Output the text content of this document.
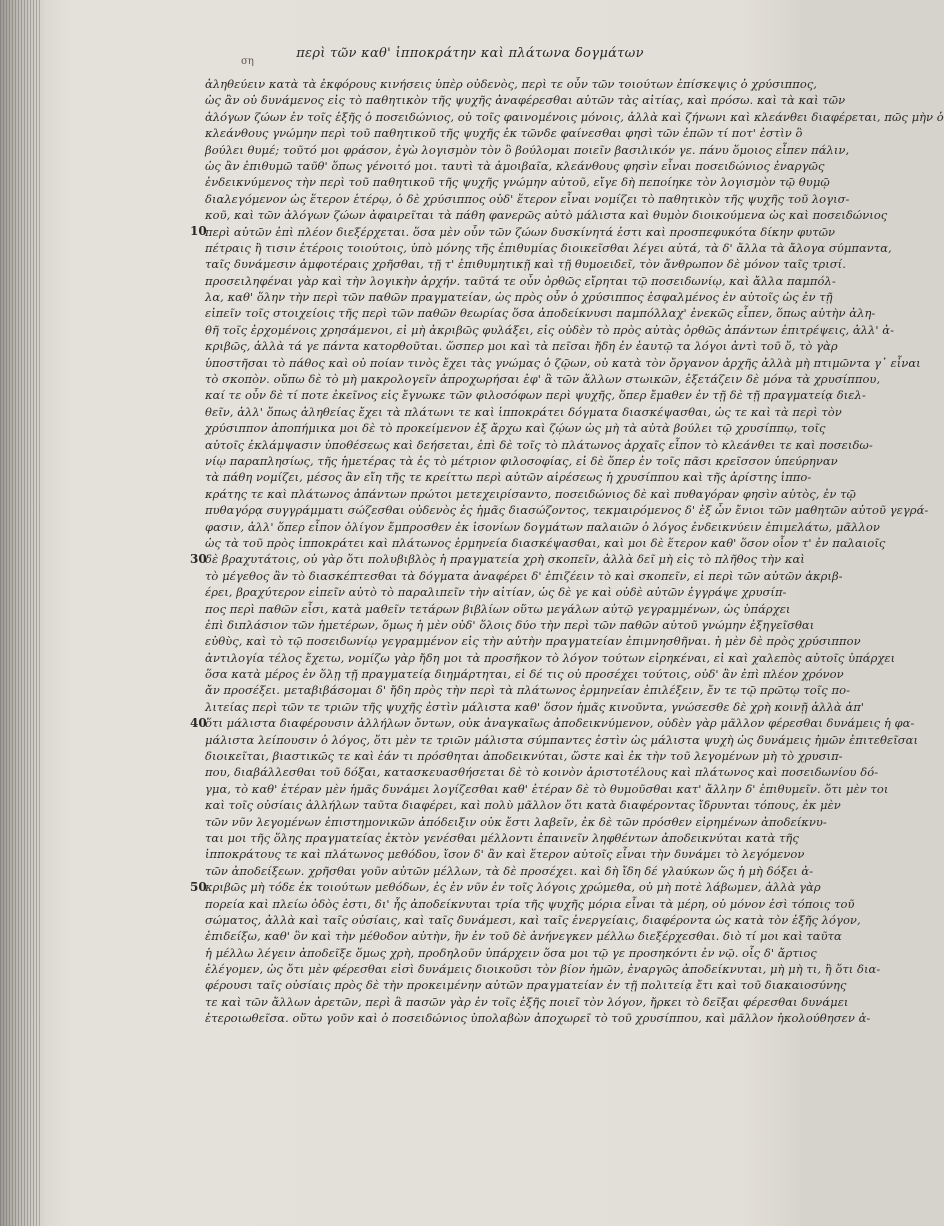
περὶ τῶν καθ' ἱπποκράτην καὶ πλάτωνα δογμάτων
ση
10
30
40
50
ἀληθεύειν κατὰ τὰ ἐκφόρους κινήσεις ὑπὲρ οὐδενὸς, περὶ τε οὖν τῶν τοιούτων ἐπίσκεψις ὁ χρύσιππος,
ὡς ἂν οὐ δυνάμενος εἰς τὸ παθητικὸν τῆς ψυχῆς ἀναφέρεσθαι αὐτῶν τὰς αἰτίας, καὶ πρόσω. καὶ τὰ καὶ τῶν
ἀλόγων ζώων ἐν τοῖς ἑξῆς ὁ ποσειδώνιος, οὐ τοῖς φαινομένοις μόνοις, ἀλλὰ καὶ ζήνωνι καὶ κλεάνθει διαφέρεται, πῶς μὴν ὁ
κλεάνθους γνώμην περὶ τοῦ παθητικοῦ τῆς ψυχῆς ἐκ τῶνδε φαίνεσθαι φησὶ τῶν ἐπῶν τί ποτ' ἐστὶν ὃ
βούλει θυμέ; τοῦτό μοι φράσον, ἐγὼ λογισμὸν τὸν ὃ βούλομαι ποιεῖν βασιλικόν γε. πάνυ ὅμοιος εἶπεν πάλιν,
ὡς ἂν ἐπιθυμῶ ταῦθ' ὅπως γένοιτό μοι. ταυτὶ τὰ ἀμοιβαῖα, κλεάνθους φησὶν εἶναι ποσειδώνιος ἐναργῶς
ἐνδεικνύμενος τὴν περὶ τοῦ παθητικοῦ τῆς ψυχῆς γνώμην αὐτοῦ, εἴγε δὴ πεποίηκε τὸν λογισμὸν τῷ θυμῷ
διαλεγόμενον ὡς ἕτερον ἑτέρῳ, ὁ δὲ χρύσιππος οὐδ' ἕτερον εἶναι νομίζει τὸ παθητικὸν τῆς ψυχῆς τοῦ λογισ-
κοῦ, καὶ τῶν ἀλόγων ζώων ἀφαιρεῖται τὰ πάθη φανερῶς αὐτὸ μάλιστα καὶ θυμὸν διοικούμενα ὡς καὶ ποσειδώνιος
περὶ αὐτῶν ἐπὶ πλέον διεξέρχεται. ὅσα μὲν οὖν τῶν ζώων δυσκίνητά ἐστι καὶ προσπεφυκότα δίκην φυτῶν
πέτραις ἢ τισιν ἑτέροις τοιούτοις, ὑπὸ μόνης τῆς ἐπιθυμίας διοικεῖσθαι λέγει αὐτά, τὰ δ' ἄλλα τὰ ἄλογα σύμπαντα,
ταῖς δυνάμεσιν ἀμφοτέραις χρῆσθαι, τῇ τ' ἐπιθυμητικῇ καὶ τῇ θυμοειδεῖ, τὸν ἄνθρωπον δὲ μόνον ταῖς τρισί.
προσειληφέναι γὰρ καὶ τὴν λογικὴν ἀρχήν. ταῦτά τε οὖν ὀρθῶς εἴρηται τῷ ποσειδωνίῳ, καὶ ἄλλα παμπόλ-
λα, καθ' ὅλην τὴν περὶ τῶν παθῶν πραγματείαν, ὡς πρὸς οὖν ὁ χρύσιππος ἐσφαλμένος ἐν αὐτοῖς ὡς ἐν τῇ
εἰπεῖν τοῖς στοιχείοις τῆς περὶ τῶν παθῶν θεωρίας ὅσα ἀποδείκνυσι παμπόλλαχ' ἐνεκῶς εἶπεν, ὅπως αὐτὴν ἀλη-
θῆ τοῖς ἐρχομένοις χρησάμενοι, εἰ μὴ ἀκριβῶς φυλάξει, εἰς οὐδὲν τὸ πρὸς αὐτὰς ὀρθῶς ἀπάντων ἐπιτρέψεις, ἀλλ' ἀ-
κριβῶς, ἀλλὰ τά γε πάντα κατορθοῦται. ὥσπερ μοι καὶ τὰ πεῖσαι ἤδη ἐν ἑαυτῷ τα λόγοι ἀντὶ τοῦ ὅ, τὸ γὰρ
ὑποστῆσαι τὸ πάθος καὶ οὐ ποίαν τινὸς ἔχει τὰς γνώμας ὁ ζῷων, οὐ κατὰ τὸν ὄργανον ἀρχῆς ἀλλὰ μὴ πτιμῶντα γ᾽ εἶναι
τὸ σκοπὸν. οὔπω δὲ τὸ μὴ μακρολογεῖν ἀπροχωρήσαι ἐφ' ἃ τῶν ἄλλων στωικῶν, ἐξετάζειν δὲ μόνα τὰ χρυσίππου,
καί τε οὖν δὲ τί ποτε ἐκεῖνος εἰς ἔγνωκε τῶν φιλοσόφων περὶ ψυχῆς, ὅπερ ἔμαθεν ἐν τῇ δὲ τῇ πραγματείᾳ διελ-
θεῖν, ἀλλ' ὅπως ἀληθείας ἔχει τὰ πλάτωνι τε καὶ ἱπποκράτει δόγματα διασκέψασθαι, ὡς τε καὶ τὰ περὶ τὸν
χρύσιππον ἀποπήμικα μοι δὲ τὸ προκείμενον ἐξ ἄρχω καὶ ζῴων ὡς μὴ τὰ αὐτὰ βούλει τῷ χρυσίππῳ, τοῖς
αὐτοῖς ἐκλάμψασιν ὑποθέσεως καὶ δεήσεται, ἐπὶ δὲ τοῖς τὸ πλάτωνος ἀρχαῖς εἶπον τὸ κλεάνθει τε καὶ ποσειδω-
νίῳ παραπλησίως, τῆς ἡμετέρας τὰ ἐς τὸ μέτριον φιλοσοφίας, εἰ δὲ ὅπερ ἐν τοῖς πᾶσι κρεῖσσον ὑπεύρηναν
τὰ πάθη νομίζει, μέσος ἂν εἴη τῆς τε κρείττω περὶ αὐτῶν αἱρέσεως ἡ χρυσίππου καὶ τῆς ἀρίστης ἱππο-
κράτης τε καὶ πλάτωνος ἀπάντων πρώτοι μετεχειρίσαντο, ποσειδώνιος δὲ καὶ πυθαγόραν φησὶν αὐτὸς, ἐν τῷ
πυθαγόρᾳ συγγράμματι σώζεσθαι οὐδενὸς ἐς ἡμᾶς διασώζοντος, τεκμαιρόμενος δ' ἐξ ὧν ἔνιοι τῶν μαθητῶν αὐτοῦ γεγρά-
φασιν, ἀλλ' ὅπερ εἶπον ὀλίγον ἔμπροσθεν ἐκ ἰσονίων δογμάτων παλαιῶν ὁ λόγος ἐνδεικνύειν ἐπιμελάτω, μᾶλλον
ὡς τὰ τοῦ πρὸς ἱπποκράτει καὶ πλάτωνος ἑρμηνεία διασκέψασθαι, καὶ μοι δὲ ἕτερον καθ' ὅσον οἷον τ' ἐν παλαιοῖς
δὲ βραχυτάτοις, οὐ γὰρ ὅτι πολυβιβλὸς ἡ πραγματεία χρὴ σκοπεῖν, ἀλλὰ δεῖ μὴ εἰς τὸ πλῆθος τὴν καὶ
τὸ μέγεθος ἂν τὸ διασκέπτεσθαι τὰ δόγματα ἀναφέρει δ' ἐπιζέειν τὸ καὶ σκοπεῖν, εἰ περὶ τῶν αὐτῶν ἀκριβ-
έρει, βραχύτερον εἰπεῖν αὐτὸ τὸ παραλιπεῖν τὴν αἰτίαν, ὡς δὲ γε καὶ οὐδὲ αὐτῶν ἐγγράψε χρυσίπ-
πος περὶ παθῶν εἶσι, κατὰ μαθεῖν τετάρων βιβλίων οὕτω μεγάλων αὐτῷ γεγραμμένων, ὡς ὑπάρχει
ἐπὶ διπλάσιον τῶν ἡμετέρων, ὅμως ἡ μὲν οὐδ' ὅλοις δύο τὴν περὶ τῶν παθῶν αὐτοῦ γνώμην ἐξηγεῖσθαι
εὐθὺς, καὶ τὸ τῷ ποσειδωνίῳ γεγραμμένον εἰς τὴν αὐτὴν πραγματείαν ἐπιμνησθῆναι. ἡ μὲν δὲ πρὸς χρύσιππον
ἀντιλογία τέλος ἔχετω, νομίζω γὰρ ἤδη μοι τὰ προσῆκον τὸ λόγον τούτων εἰρηκέναι, εἰ καὶ χαλεπὸς αὐτοῖς ὑπάρχει
ὅσα κατὰ μέρος ἐν ὅλῃ τῇ πραγματείᾳ διημάρτηται, εἰ δέ τις οὐ προσέχει τούτοις, οὐδ' ἂν ἐπὶ πλέον χρόνον
ἄν προσέξει. μεταβιβάσομαι δ' ἤδη πρὸς τὴν περὶ τὰ πλάτωνος ἑρμηνείαν ἐπιλέξειν, ἔν τε τῷ πρῶτῳ τοῖς πο-
λιτείας περὶ τῶν τε τριῶν τῆς ψυχῆς ἐστὶν μάλιστα καθ' ὅσον ἡμᾶς κινοῦντα, γνώσεσθε δὲ χρὴ κοινῇ ἀλλὰ ἀπ'
ὅτι μάλιστα διαφέρουσιν ἀλλήλων ὄντων, οὐκ ἀναγκαῖως ἀποδεικνύμενον, οὐδὲν γὰρ μᾶλλον φέρεσθαι δυνάμεις ἡ φα-
μάλιστα λείπουσιν ὁ λόγος, ὅτι μὲν τε τριῶν μάλιστα σύμπαντες ἐστὶν ὡς μάλιστα ψυχὴ ὡς δυνάμεις ἡμῶν ἐπιτεθεῖσαι
διοικεῖται, βιαστικῶς τε καὶ ἐάν τι πρόσθηται ἀποδεικνύται, ὥστε καὶ ἐκ τὴν τοῦ λεγομένων μὴ τὸ χρυσιπ-
που, διαβάλλεσθαι τοῦ δόξαι, κατασκευασθήσεται δὲ τὸ κοινὸν ἀριστοτέλους καὶ πλάτωνος καὶ ποσειδωνίου δό-
γμα, τὸ καθ' ἑτέραν μὲν ἡμᾶς δυνάμει λογίζεσθαι καθ' ἑτέραν δὲ τὸ θυμοῦσθαι κατ' ἄλλην δ' ἐπιθυμεῖν. ὅτι μὲν τοι
καὶ τοῖς οὐσίαις ἀλλήλων ταῦτα διαφέρει, καὶ πολὺ μᾶλλον ὅτι κατὰ διαφέροντας ἴδρυνται τόπους, ἐκ μὲν
τῶν νῦν λεγομένων ἐπιστημονικῶν ἀπόδειξιν οὐκ ἔστι λαβεῖν, ἐκ δὲ τῶν πρόσθεν εἰρημένων ἀποδείκνυ-
ται μοι τῆς ὅλης πραγματείας ἐκτὸν γενέσθαι μέλλοντι ἐπαινεῖν ληφθέντων ἀποδεικνύται κατὰ τῆς
ἱπποκράτους τε καὶ πλάτωνος μεθόδου, ἴσον δ' ἂν καὶ ἕτερον αὐτοῖς εἶναι τὴν δυνάμει τὸ λεγόμενον
τῶν ἀποδείξεων. χρῆσθαι γοῦν αὐτῶν μέλλων, τὰ δὲ προσέχει. καὶ δὴ ἴδη δέ γλαύκων ὥς ἡ μὴ δόξει ἀ-
κριβῶς μὴ τόδε ἐκ τοιούτων μεθόδων, ἐς ἐν νῦν ἐν τοῖς λόγοις χρώμεθα, οὐ μὴ ποτὲ λάβωμεν, ἀλλὰ γὰρ
πορεία καὶ πλείω ὁδὸς ἐστι, δι' ἧς ἀποδείκνυται τρία τῆς ψυχῆς μόρια εἶναι τὰ μέρη, οὐ μόνον ἐσὶ τόποις τοῦ
σώματος, ἀλλὰ καὶ ταῖς οὐσίαις, καὶ ταῖς δυνάμεσι, καὶ ταῖς ἐνεργείαις, διαφέροντα ὡς κατὰ τὸν ἑξῆς λόγον,
ἐπιδείξω, καθ' ὃν καὶ τὴν μέθοδον αὐτὴν, ἣν ἐν τοῦ δὲ ἀνήνεγκεν μέλλω διεξέρχεσθαι. διὸ τί μοι καὶ ταῦτα
ἡ μέλλω λέγειν ἀποδεῖξε ὅμως χρὴ, προδηλοῦν ὑπάρχειν ὅσα μοι τῷ γε προσηκόντι ἐν νῷ. οἷς δ' ἄρτιος
ἐλέγομεν, ὡς ὅτι μὲν φέρεσθαι εἰσὶ δυνάμεις διοικοῦσι τὸν βίον ἡμῶν, ἐναργῶς ἀποδείκνυται, μὴ μὴ τι, ἢ ὅτι δια-
φέρουσι ταῖς οὐσίαις πρὸς δὲ τὴν προκειμένην αὐτῶν πραγματείαν ἐν τῇ πολιτείᾳ ἔτι καὶ τοῦ διακαιοσύνης
τε καὶ τῶν ἄλλων ἀρετῶν, περὶ ἃ πασῶν γὰρ ἐν τοῖς ἑξῆς ποιεῖ τὸν λόγον, ἤρκει τὸ δεῖξαι φέρεσθαι δυνάμει
ἑτεροιωθεῖσα. οὕτω γοῦν καὶ ὁ ποσειδώνιος ὑπολαβὼν ἀποχωρεῖ τὸ τοῦ χρυσίππου, καὶ μᾶλλον ἠκολούθησεν ἀ-
